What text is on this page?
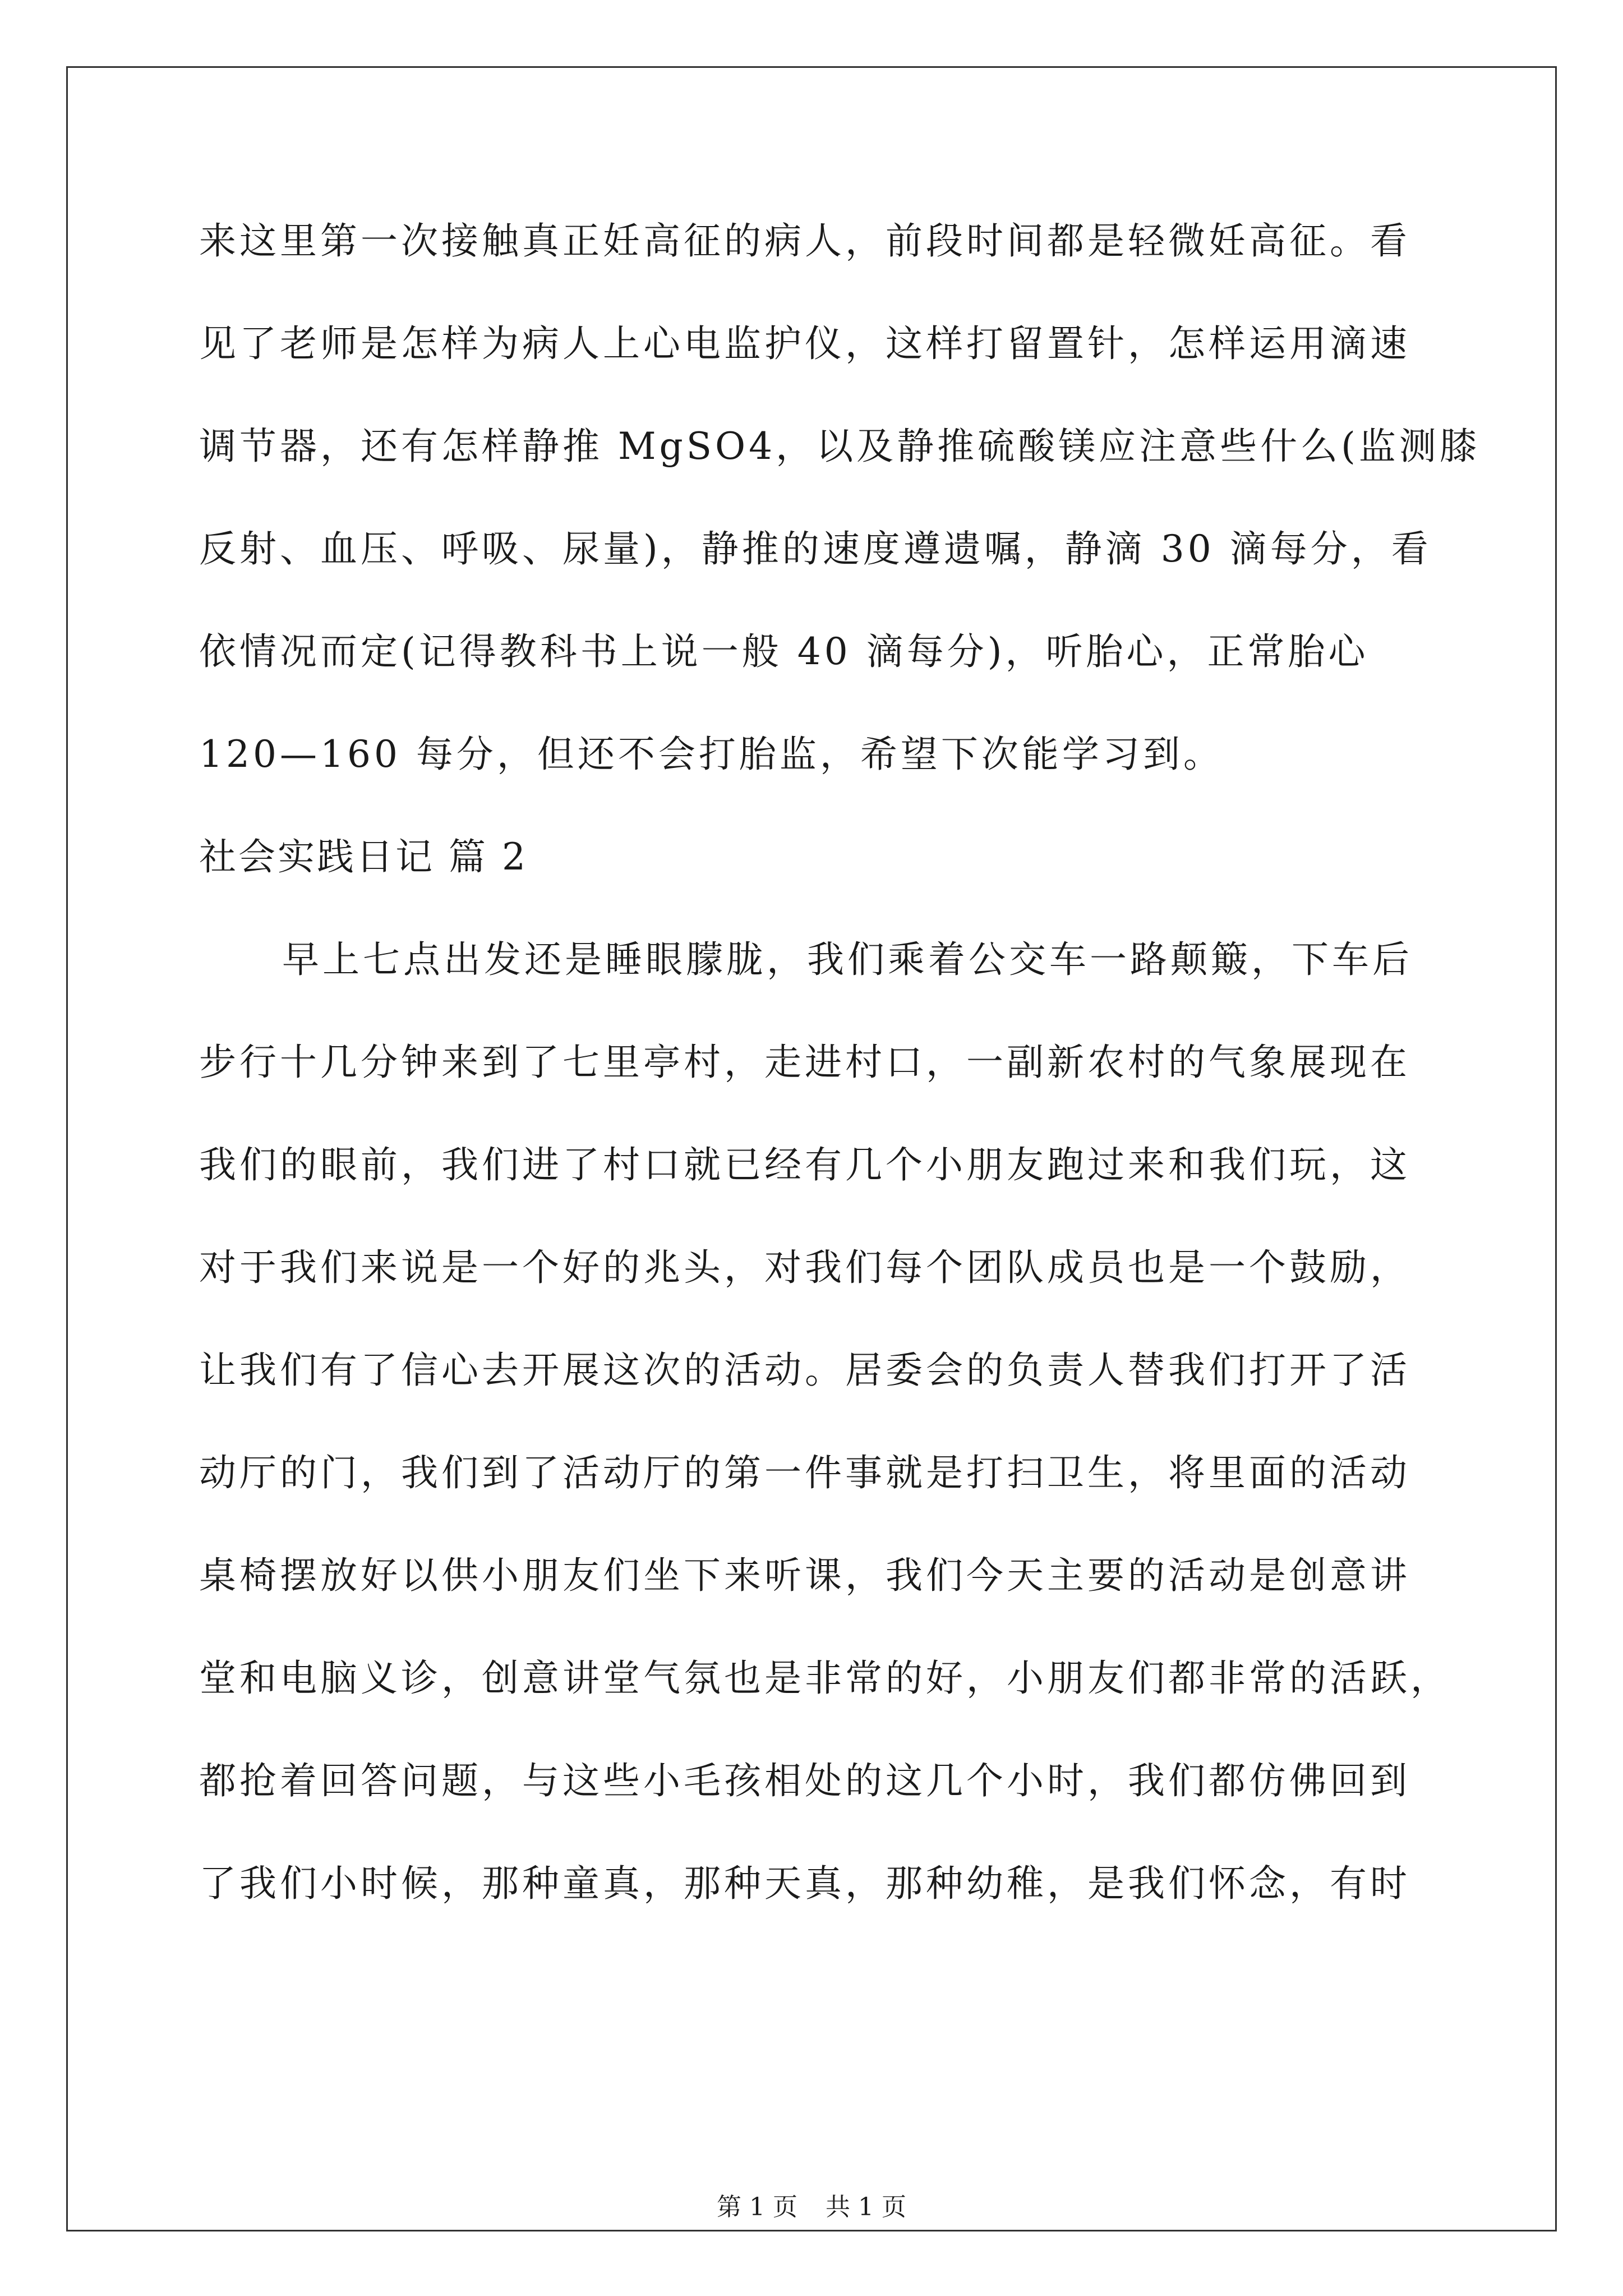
来这里第一次接触真正妊高征的病人，前段时间都是轻微妊高征。看
见了老师是怎样为病人上心电监护仪，这样打留置针，怎样运用滴速
调节器，还有怎样静推 MgSO4，以及静推硫酸镁应注意些什么(监测膝
反射、血压、呼吸、尿量)，静推的速度遵遗嘱，静滴 30 滴每分，看
依情况而定(记得教科书上说一般 40 滴每分)，听胎心，正常胎心
120—160 每分，但还不会打胎监，希望下次能学习到。
社会实践日记 篇 2
早上七点出发还是睡眼朦胧，我们乘着公交车一路颠簸，下车后
步行十几分钟来到了七里亭村，走进村口，一副新农村的气象展现在
我们的眼前，我们进了村口就已经有几个小朋友跑过来和我们玩，这
对于我们来说是一个好的兆头，对我们每个团队成员也是一个鼓励，
让我们有了信心去开展这次的活动。居委会的负责人替我们打开了活
动厅的门，我们到了活动厅的第一件事就是打扫卫生，将里面的活动
桌椅摆放好以供小朋友们坐下来听课，我们今天主要的活动是创意讲
堂和电脑义诊，创意讲堂气氛也是非常的好，小朋友们都非常的活跃，
都抢着回答问题，与这些小毛孩相处的这几个小时，我们都仿佛回到
了我们小时候，那种童真，那种天真，那种幼稚，是我们怀念，有时
第 1 页 共 1 页
